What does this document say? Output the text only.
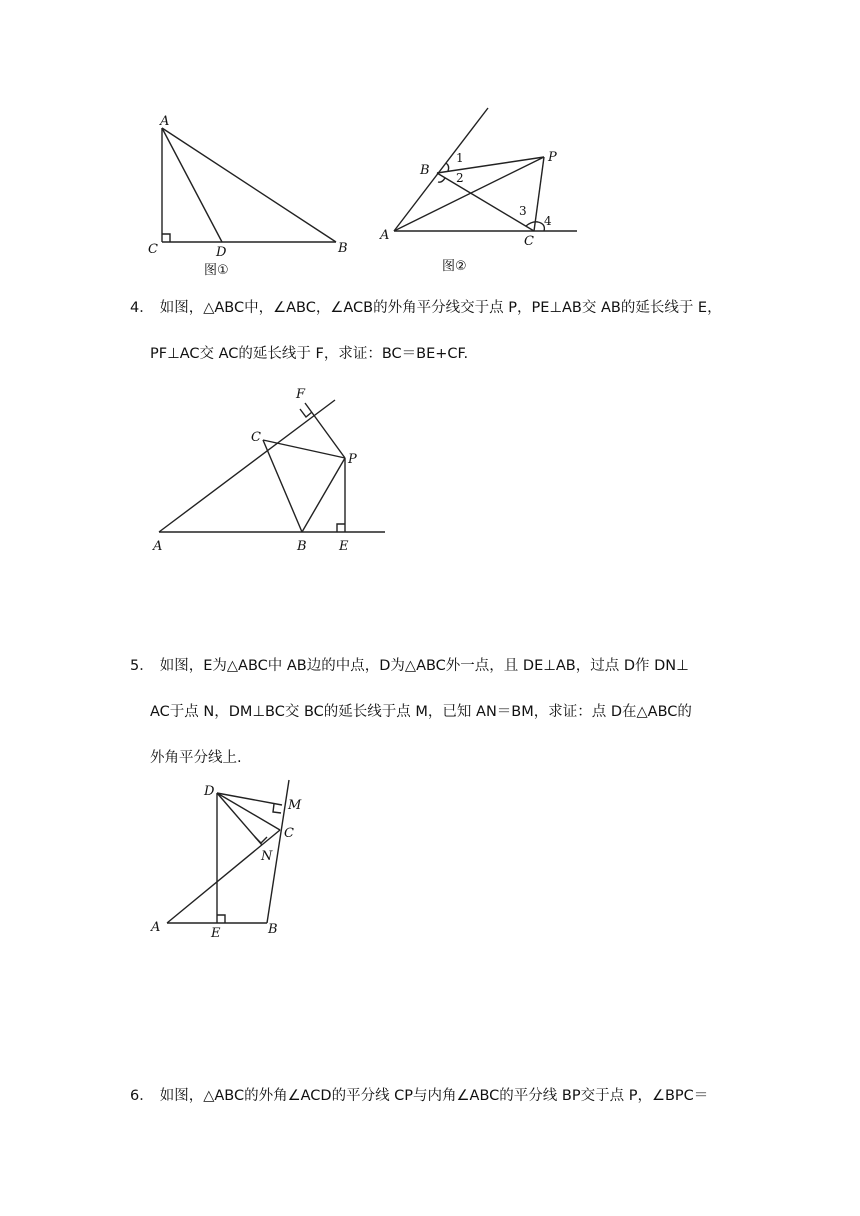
A
C	D	B
图①
B
1
2
P
3
4
A	C
图②
4． 如图，△ABC中，∠ABC，∠ACB的外角平分线交于点 P，PE⊥AB交 AB的延长线于 E，
PF⊥AC交 AC的延长线于 F，求证：BC＝BE+CF.
F
C
P
A	B E
5． 如图，E为△ABC中 AB边的中点，D为△ABC外一点，且 DE⊥AB，过点 D作 DN⊥
AC于点 N，DM⊥BC交 BC的延长线于点 M，已知 AN＝BM，求证：点 D在△ABC的
外角平分线上.
D
M
C
N
A	E	B
6． 如图，△ABC的外角∠ACD的平分线 CP与内角∠ABC的平分线 BP交于点 P，∠BPC＝
